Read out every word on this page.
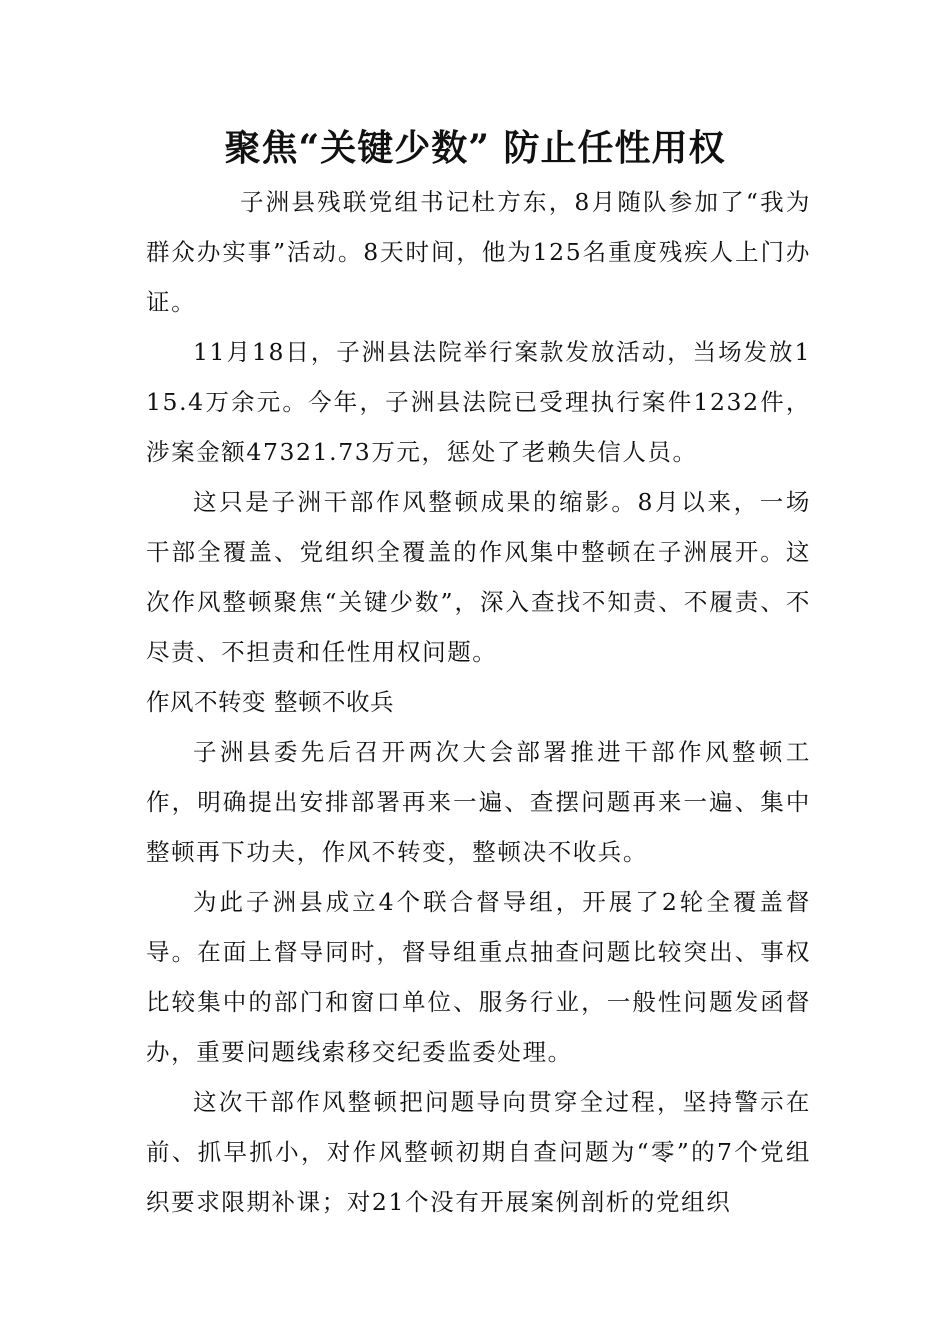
聚焦“关键少数” 防止任性用权

子洲县残联党组书记杜方东，8月随队参加了“我为群众办实事”活动。8天时间，他为125名重度残疾人上门办证。

11月18日，子洲县法院举行案款发放活动，当场发放115.4万余元。今年，子洲县法院已受理执行案件1232件，涉案金额47321.73万元，惩处了老赖失信人员。

这只是子洲干部作风整顿成果的缩影。8月以来，一场干部全覆盖、党组织全覆盖的作风集中整顿在子洲展开。这次作风整顿聚焦“关键少数”，深入查找不知责、不履责、不尽责、不担责和任性用权问题。

作风不转变 整顿不收兵

子洲县委先后召开两次大会部署推进干部作风整顿工作，明确提出安排部署再来一遍、查摆问题再来一遍、集中整顿再下功夫，作风不转变，整顿决不收兵。

为此子洲县成立4个联合督导组，开展了2轮全覆盖督导。在面上督导同时，督导组重点抽查问题比较突出、事权比较集中的部门和窗口单位、服务行业，一般性问题发函督办，重要问题线索移交纪委监委处理。

这次干部作风整顿把问题导向贯穿全过程，坚持警示在前、抓早抓小，对作风整顿初期自查问题为“零”的7个党组织要求限期补课；对21个没有开展案例剖析的党组织
